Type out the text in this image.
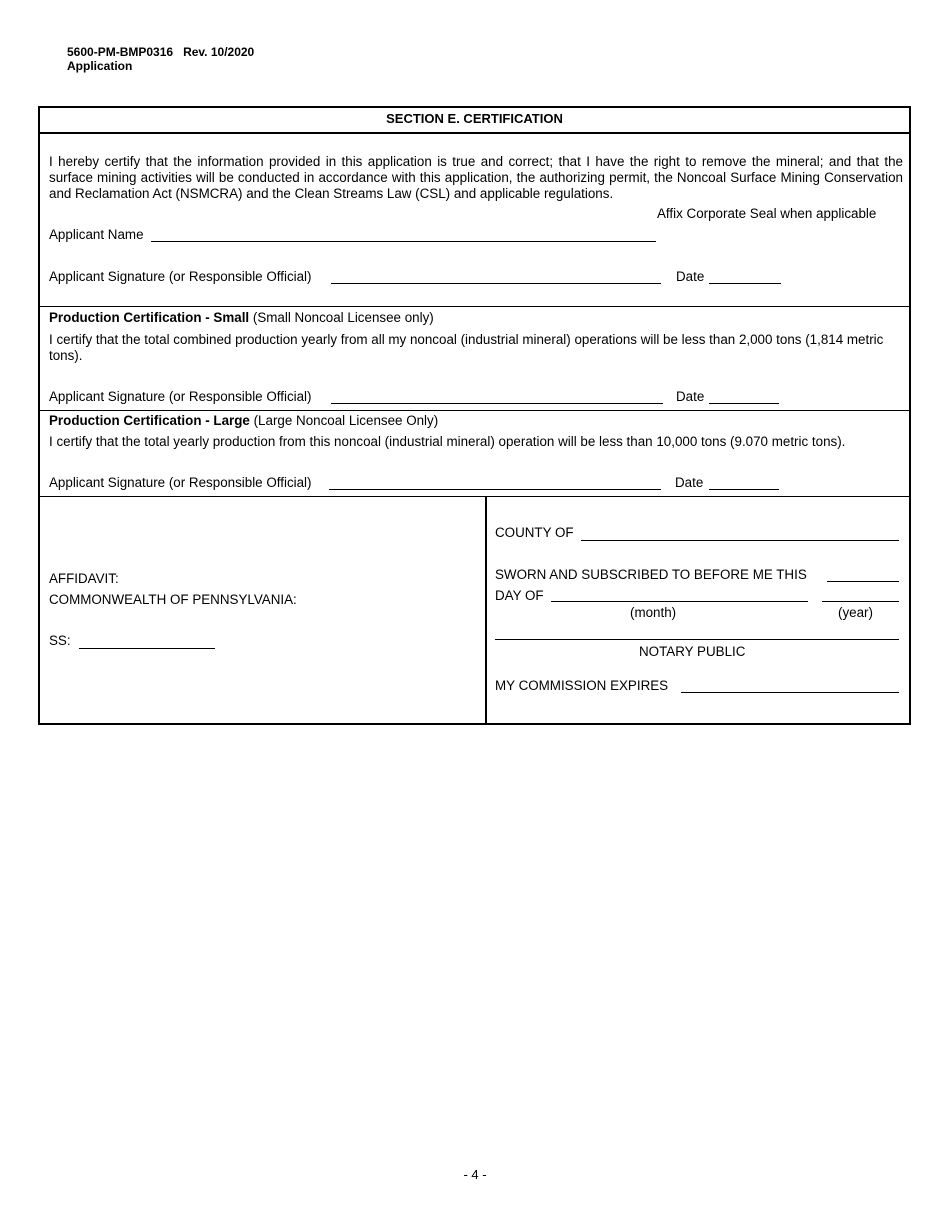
5600-PM-BMP0316 Rev. 10/2020
Application
SECTION E. CERTIFICATION
I hereby certify that the information provided in this application is true and correct; that I have the right to remove the mineral; and that the surface mining activities will be conducted in accordance with this application, the authorizing permit, the Noncoal Surface Mining Conservation and Reclamation Act (NSMCRA) and the Clean Streams Law (CSL) and applicable regulations.
Affix Corporate Seal when applicable
Applicant Name
Applicant Signature (or Responsible Official)	Date
Production Certification - Small (Small Noncoal Licensee only)
I certify that the total combined production yearly from all my noncoal (industrial mineral) operations will be less than 2,000 tons (1,814 metric tons).
Applicant Signature (or Responsible Official)	Date
Production Certification - Large (Large Noncoal Licensee Only)
I certify that the total yearly production from this noncoal (industrial mineral) operation will be less than 10,000 tons (9.070 metric tons).
Applicant Signature (or Responsible Official)	Date
AFFIDAVIT:
COMMONWEALTH OF PENNSYLVANIA:
SS:
COUNTY OF
SWORN AND SUBSCRIBED TO BEFORE ME THIS
DAY OF
(month)	(year)
NOTARY PUBLIC
MY COMMISSION EXPIRES
- 4 -
